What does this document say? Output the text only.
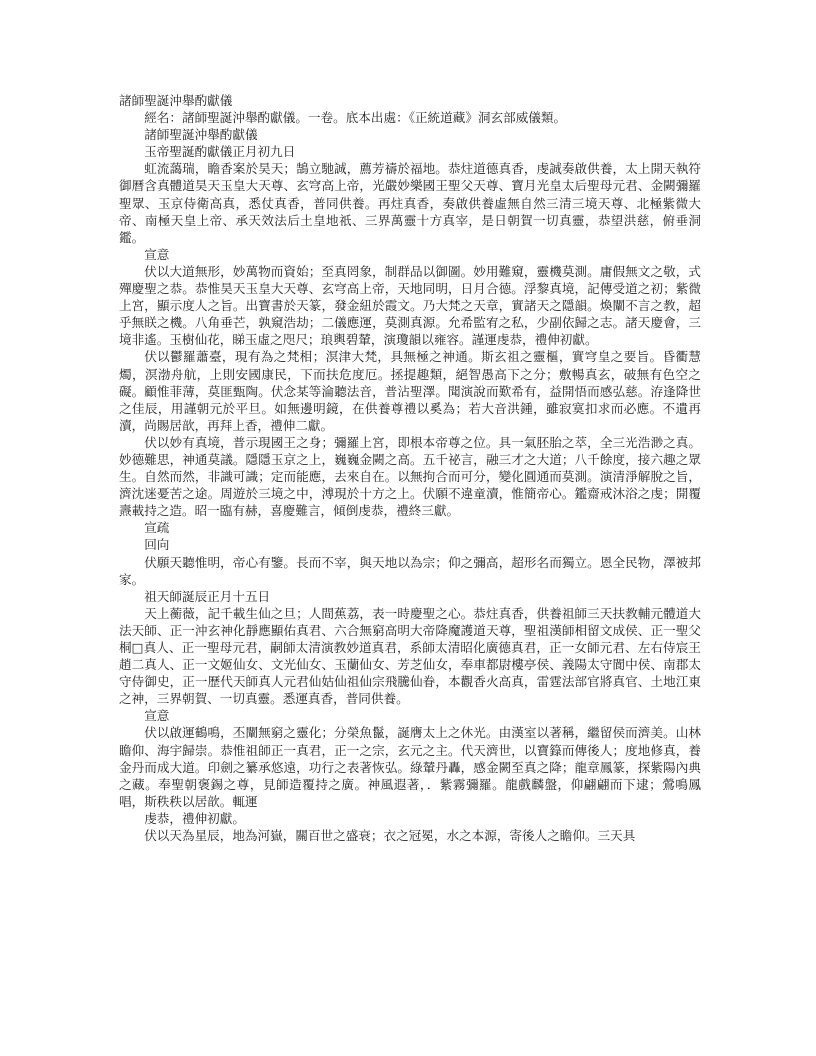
諸師聖誕沖舉酌獻儀
經名：諸師聖誕沖舉酌獻儀。一卷。底本出處：《正統道藏》洞玄部威儀類。
諸師聖誕沖舉酌獻儀
玉帝聖誕酌獻儀正月初九日
虹流藹瑞，瞻香案於昊天；鵠立馳誠，薦芳禱於福地。恭炷道德真香，虔誠奏啟供養，太上開天執符御曆含真體道昊天玉皇大天尊、玄穹高上帝，光嚴妙樂國王聖父天尊、寶月光皇太后聖母元君、金闕彌羅聖眾、玉京侍衛高真，悉仗真香，普同供養。再炷真香，奏啟供養虛無自然三清三境天尊、北極紫微大帝、南極天皇上帝、承天效法后土皇地祇、三界萬靈十方真宰，是日朝賀一切真靈，恭望洪慈，俯垂洞鑑。
宣意
伏以大道無形，妙萬物而資始；至真罔象，制群品以御圖。妙用難窺，靈機莫測。庸假無文之敬，式殫慶聖之恭。恭惟昊天玉皇大天尊、玄穹高上帝，天地同明，日月合德。浮黎真境，記傳受道之初；紫微上宮，顯示度人之旨。出寶書於天篆，發金紐於霞文。乃大梵之天章，實諸天之隱韻。煥闡不言之教，超乎無眹之機。八角垂芒，孰窺浩劫；二儀應運，莫測真源。允希監宥之私，少副依歸之志。諸天慶會，三境非遙。玉樹仙花，睇玉虛之咫尺；琅輿碧輦，演瓊韻以雍容。謹運虔恭，禮伸初獻。
伏以鬱羅蕭臺，現有為之梵相；溟津大梵，具無極之神通。斯玄祖之靈樞，實穹皇之要旨。昏衢慧燭，溟渤舟航，上則安國康民，下而扶危度厄。拯提趣類，絕智愚高下之分；敷暢真玄，破無有色空之礙。顧惟菲薄，莫匪甄陶。伏念某等淪聽法音，普沾聖澤。聞演說而歎希有，益開悟而感弘慈。洊逢降世之佳辰，用謹朝元於平旦。如無邊明鏡，在供養尊禮以奚為；若大音洪鍾，雖寂寞扣求而必應。不遺再瀆，尚賜居歆，再拜上香，禮伸二獻。
伏以妙有真境，普示現國王之身；彌羅上宮，即根本帝尊之位。具一氣胚胎之萃，全三光浩渺之真。妙德難思，神通莫議。隱隱玉京之上，巍巍金闕之高。五千祕言，融三才之大道；八千餘度，接六趣之眾生。自然而然，非識可識；定而能應，去來自在。以無拘合而可分，變化圓通而莫測。演清淨解脫之旨，濟沈迷憂苦之途。周遊於三境之中，溥現於十方之上。伏願不違童瀆，惟簡帝心。鑑齋戒沐浴之虔；開覆燾載持之造。昭一臨有赫，喜慶難言，傾倒虔恭，禮終三獻。
宣疏
回向
伏願天聽惟明，帝心有鑒。長而不宰，與天地以為宗；仰之彌高，超形名而獨立。恩全民物，澤被邦家。
祖天師誕辰正月十五日
天上蘅薇，記千載生仙之旦；人間蕉荔，表一時慶聖之心。恭炷真香，供養祖師三天扶教輔元體道大法天師、正一沖玄神化靜應顯佑真君、六合無窮高明大帝降魔護道天尊，聖祖漢師相留文成侯、正一聖父桐□真人、正一聖母元君，嗣師太清演教妙道真君，系師太清昭化廣德真君，正一女師元君、左右侍宸王趙二真人、正一文姬仙女、文光仙女、玉蘭仙女、芳芝仙女，奉車都尉樓亭侯、義陽太守閬中侯、南郡太守侍御史，正一歷代天師真人元君仙姑仙祖仙宗飛騰仙眷，本觀香火高真，雷霆法部官將真官、土地江東之神，三界朝賀、一切真靈。悉運真香，普同供養。
宣意
伏以啟運鶴鳴，丕闡無窮之靈化；分榮魚鬣，誕膺太上之休光。由漢室以著稱，繼留侯而濟美。山林瞻仰、海宇歸崇。恭惟祖師正一真君，正一之宗，玄元之主。代天濟世，以寶籙而傳後人；度地修真，養金丹而成大道。印劍之纂承悠遠，功行之表著恢弘。綠輦丹轟，感金闕至真之降；龍章鳳篆，探紫陽內典之藏。奉聖朝褒錫之尊，見師造覆持之廣。神風遐著，．紫霧彌羅。龍戲麟盤，仰翩翩而下逮；鶯鳴鳳唱，斯秩秩以居歆。輒運
虔恭，禮伸初獻。
伏以天為星辰，地為河嶽，關百世之盛衰；衣之冠冕，水之本源，寄後人之瞻仰。三天具
